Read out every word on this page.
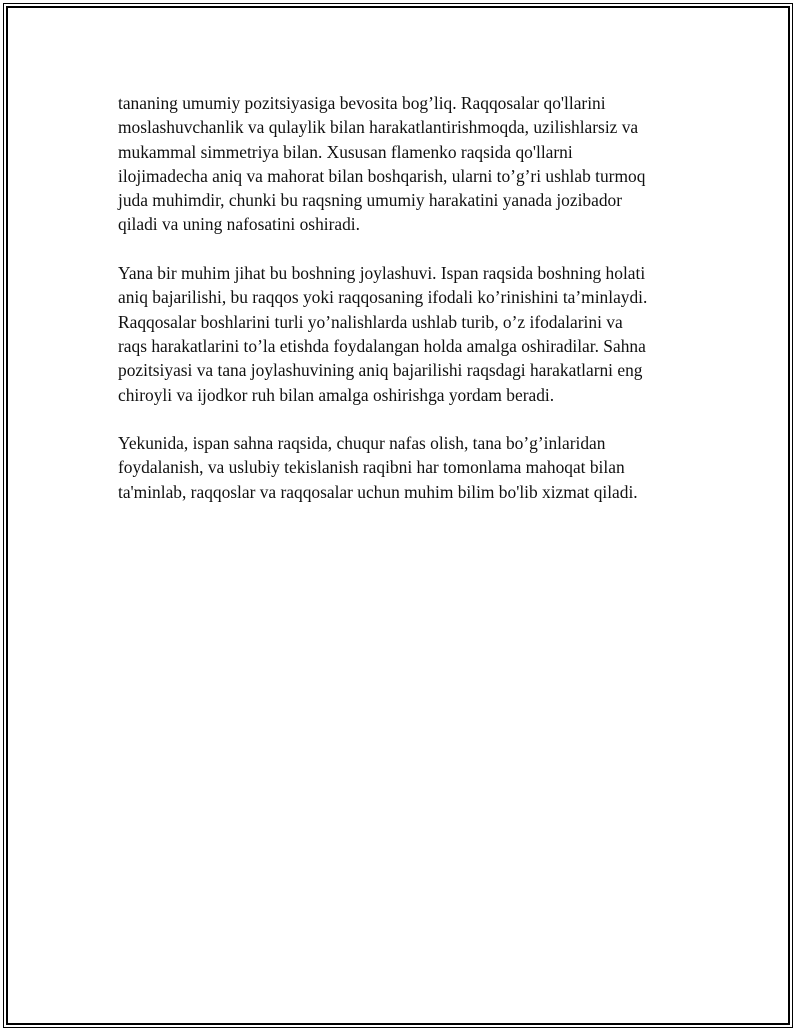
tananing umumiy pozitsiyasiga bevosita bog’liq. Raqqosalar qo'llarini
moslashuvchanlik va qulaylik bilan harakatlantirishmoqda, uzilishlarsiz va
mukammal simmetriya bilan. Xususan flamenko raqsida qo'llarni
ilojimadecha aniq va mahorat bilan boshqarish, ularni to’g’ri ushlab turmoq
juda muhimdir, chunki bu raqsning umumiy harakatini yanada jozibador
qiladi va uning nafosatini oshiradi.

Yana bir muhim jihat bu boshning joylashuvi. Ispan raqsida boshning holati
aniq bajarilishi, bu raqqos yoki raqqosaning ifodali ko’rinishini ta’minlaydi.
Raqqosalar boshlarini turli yo’nalishlarda ushlab turib, o’z ifodalarini va
raqs harakatlarini to’la etishda foydalangan holda amalga oshiradilar. Sahna
pozitsiyasi va tana joylashuvining aniq bajarilishi raqsdagi harakatlarni eng
chiroyli va ijodkor ruh bilan amalga oshirishga yordam beradi.

Yekunida, ispan sahna raqsida, chuqur nafas olish, tana bo’g’inlaridan
foydalanish, va uslubiy tekislanish raqibni har tomonlama mahoqat bilan
ta'minlab, raqqoslar va raqqosalar uchun muhim bilim bo'lib xizmat qiladi.
